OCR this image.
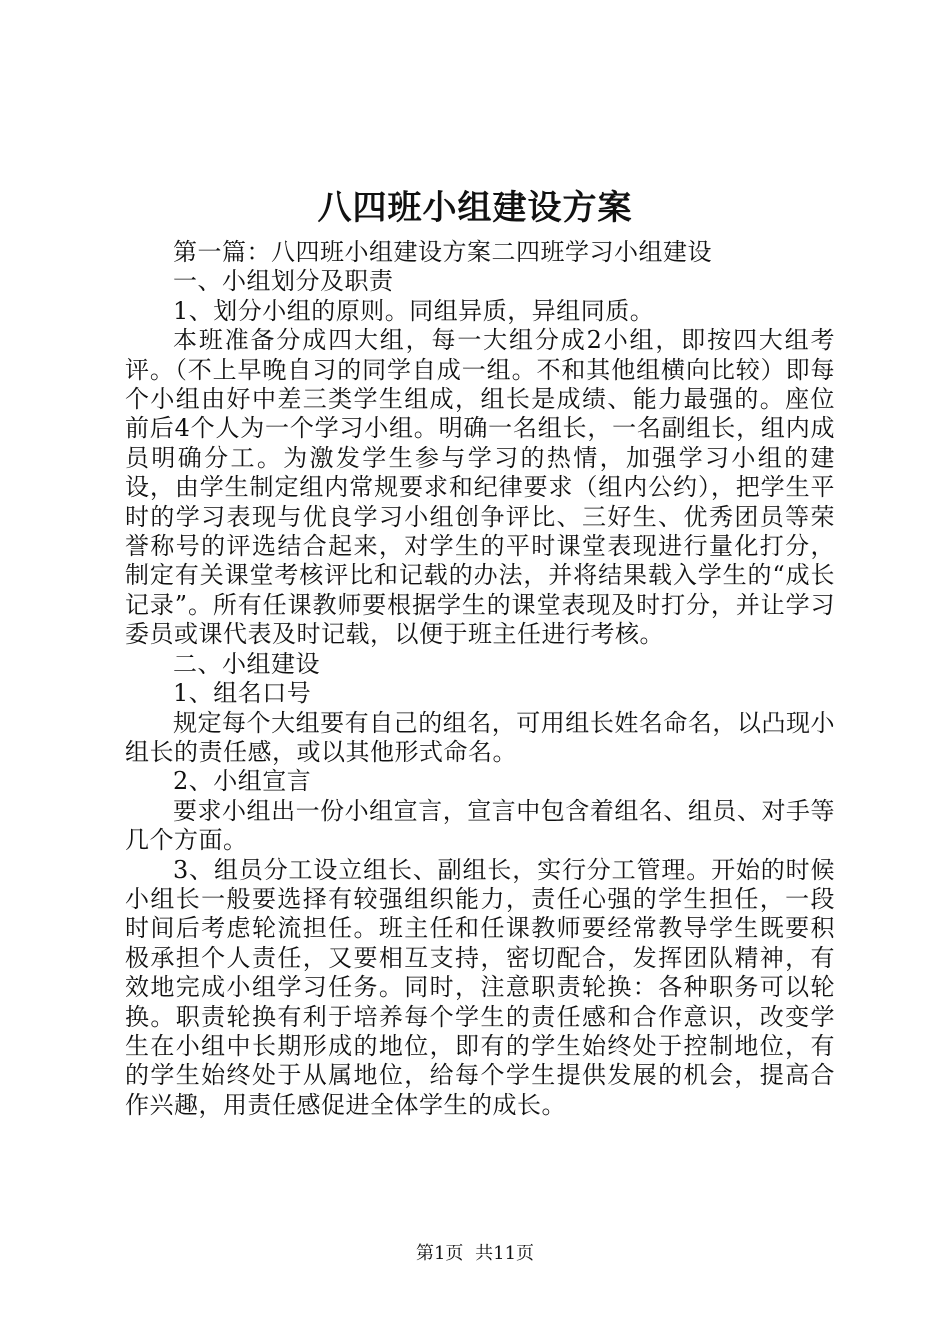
八四班小组建设方案

第一篇：八四班小组建设方案二四班学习小组建设

一、小组划分及职责

1、划分小组的原则。同组异质，异组同质。

本班准备分成四大组，每一大组分成2小组，即按四大组考评。（不上早晚自习的同学自成一组。不和其他组横向比较）即每个小组由好中差三类学生组成，组长是成绩、能力最强的。座位前后4个人为一个学习小组。明确一名组长，一名副组长，组内成员明确分工。为激发学生参与学习的热情，加强学习小组的建设，由学生制定组内常规要求和纪律要求（组内公约），把学生平时的学习表现与优良学习小组创争评比、三好生、优秀团员等荣誉称号的评选结合起来，对学生的平时课堂表现进行量化打分，制定有关课堂考核评比和记载的办法，并将结果载入学生的“成长记录”。所有任课教师要根据学生的课堂表现及时打分，并让学习委员或课代表及时记载，以便于班主任进行考核。

二、小组建设

1、组名口号

规定每个大组要有自己的组名，可用组长姓名命名，以凸现小组长的责任感，或以其他形式命名。

2、小组宣言

要求小组出一份小组宣言，宣言中包含着组名、组员、对手等几个方面。

3、组员分工设立组长、副组长，实行分工管理。开始的时候小组长一般要选择有较强组织能力，责任心强的学生担任，一段时间后考虑轮流担任。班主任和任课教师要经常教导学生既要积极承担个人责任，又要相互支持，密切配合，发挥团队精神，有效地完成小组学习任务。同时，注意职责轮换：各种职务可以轮换。职责轮换有利于培养每个学生的责任感和合作意识，改变学生在小组中长期形成的地位，即有的学生始终处于控制地位，有的学生始终处于从属地位，给每个学生提供发展的机会，提高合作兴趣，用责任感促进全体学生的成长。

第1页 共11页
